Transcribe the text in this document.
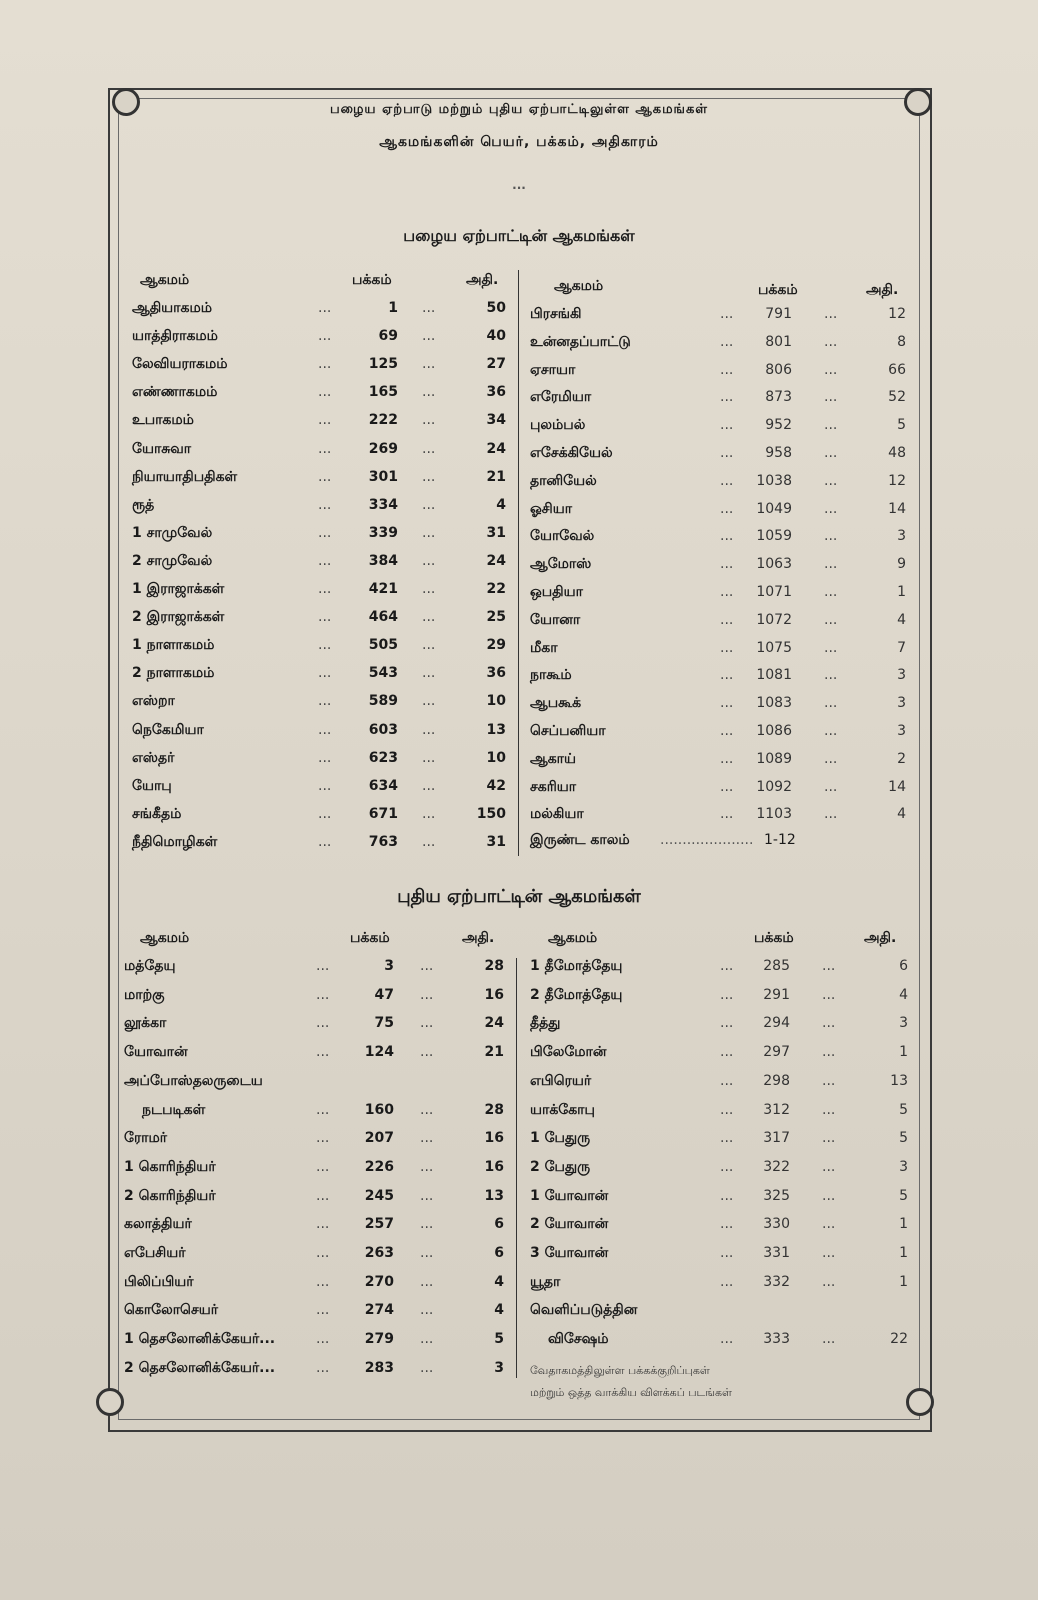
பழைய ஏற்பாடு மற்றும் புதிய ஏற்பாட்டிலுள்ள ஆகமங்கள்
ஆகமங்களின் பெயர், பக்கம், அதிகாரம்
...
பழைய ஏற்பாட்டின் ஆகமங்கள்
ஆகமம்	பக்கம்	அதி.	ஆகமம்	பக்கம்	அதி.
ஆதியாகமம்	...	1 ...	50
யாத்திராகமம்	...	69 ...	40
லேவியராகமம்	...	125 ...	27
எண்ணாகமம்	...	165 ...	36
உபாகமம்	...	222 ...	34
யோசுவா	...	269 ...	24
நியாயாதிபதிகள்	...	301 ...	21
ரூத்	...	334 ...	4
1 சாமுவேல்	...	339 ...	31
2 சாமுவேல்	...	384 ...	24
1 இராஜாக்கள்	...	421 ...	22
2 இராஜாக்கள்	...	464 ...	25
1 நாளாகமம்	...	505 ...	29
2 நாளாகமம்	...	543 ...	36
எஸ்றா	...	589 ...	10
நெகேமியா	...	603 ...	13
எஸ்தர்	...	623 ...	10
யோபு	...	634 ...	42
சங்கீதம்	...	671 ...	150
நீதிமொழிகள்	...	763 ...	31
பிரசங்கி	...	791 ...	12
உன்னதப்பாட்டு	...	801 ...	8
ஏசாயா	...	806 ...	66
எரேமியா	...	873 ...	52
புலம்பல்	...	952 ...	5
எசேக்கியேல்	...	958 ...	48
தானியேல்	...	1038 ...	12
ஓசியா	...	1049 ...	14
யோவேல்	...	1059 ...	3
ஆமோஸ்	...	1063 ...	9
ஒபதியா	...	1071 ...	1
யோனா	...	1072 ...	4
மீகா	...	1075 ...	7
நாகூம்	...	1081 ...	3
ஆபகூக்	...	1083 ...	3
செப்பனியா	...	1086 ...	3
ஆகாய்	...	1089 ...	2
சகரியா	...	1092 ...	14
மல்கியா	...	1103 ...	4
இருண்ட காலம் ..................... 1-12
புதிய ஏற்பாட்டின் ஆகமங்கள்
ஆகமம்	பக்கம்	அதி.	ஆகமம்	பக்கம்	அதி.
மத்தேயு	...	3 ...	28
மாற்கு	...	47 ...	16
லூக்கா	...	75 ...	24
யோவான்	...	124 ...	21
அப்போஸ்தலருடைய
நடபடிகள்	...	160 ...	28
ரோமர்	...	207 ...	16
1 கொரிந்தியர்	...	226 ...	16
2 கொரிந்தியர்	...	245 ...	13
கலாத்தியர்	...	257 ...	6
எபேசியர்	...	263 ...	6
பிலிப்பியர்	...	270 ...	4
கொலோசெயர்	...	274 ...	4
1 தெசலோனிக்கேயர்...	...	279 ...	5
2 தெசலோனிக்கேயர்...	...	283 ...	3
1 தீமோத்தேயு	...	285 ...	6
2 தீமோத்தேயு	...	291 ...	4
தீத்து	...	294 ...	3
பிலேமோன்	...	297 ...	1
எபிரெயர்	...	298 ...	13
யாக்கோபு	...	312 ...	5
1 பேதுரு	...	317 ...	5
2 பேதுரு	...	322 ...	3
1 யோவான்	...	325 ...	5
2 யோவான்	...	330 ...	1
3 யோவான்	...	331 ...	1
யூதா	...	332 ...	1
வெளிப்படுத்தின
விசேஷம்	...	333 ...	22
வேதாகமத்திலுள்ள பக்கக்குறிப்புகள்
மற்றும் ஒத்த வாக்கிய விளக்கப் படங்கள்
